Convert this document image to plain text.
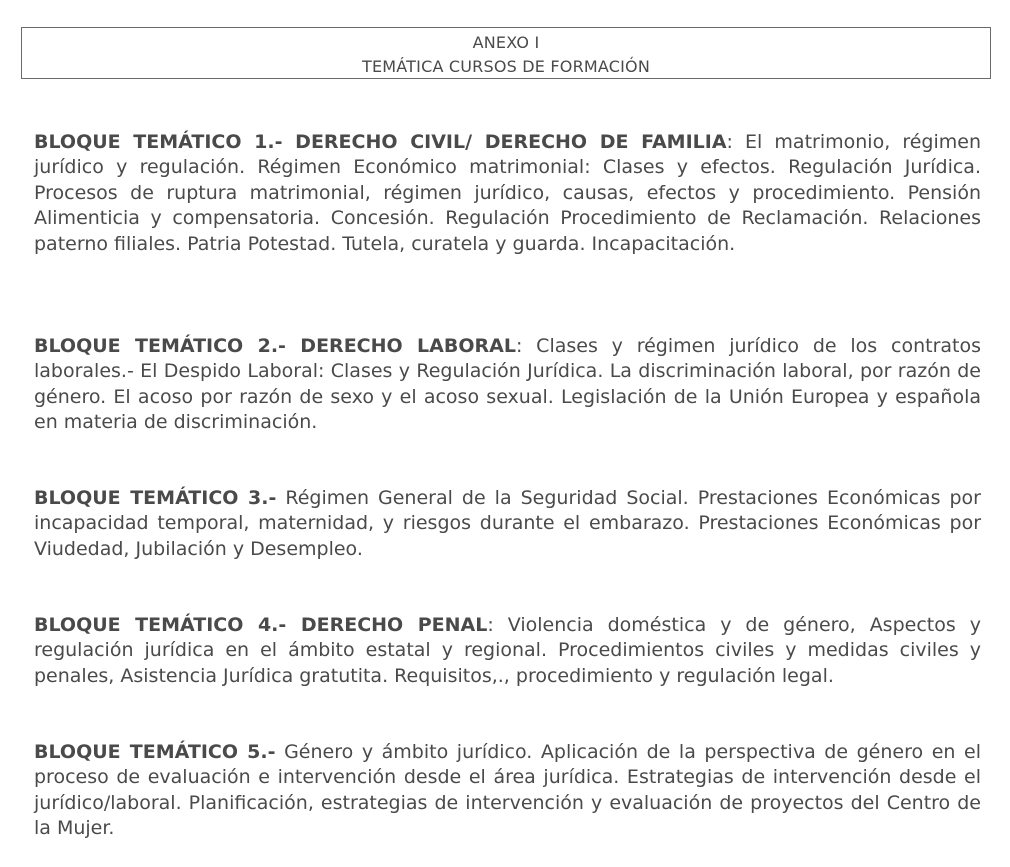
ANEXO I
TEMÁTICA CURSOS DE FORMACIÓN

BLOQUE TEMÁTICO 1.- DERECHO CIVIL/ DERECHO DE FAMILIA: El matrimonio, régimen jurídico y regulación. Régimen Económico matrimonial: Clases y efectos. Regulación Jurídica. Procesos de ruptura matrimonial, régimen jurídico, causas, efectos y procedimiento. Pensión Alimenticia y compensatoria. Concesión. Regulación Procedimiento de Reclamación. Relaciones paterno filiales. Patria Potestad. Tutela, curatela y guarda. Incapacitación.

BLOQUE TEMÁTICO 2.- DERECHO LABORAL: Clases y régimen jurídico de los contratos laborales.- El Despido Laboral: Clases y Regulación Jurídica. La discriminación laboral, por razón de género. El acoso por razón de sexo y el acoso sexual. Legislación de la Unión Europea y española en materia de discriminación.

BLOQUE TEMÁTICO 3.- Régimen General de la Seguridad Social. Prestaciones Económicas por incapacidad temporal, maternidad, y riesgos durante el embarazo. Prestaciones Económicas por Viudedad, Jubilación y Desempleo.

BLOQUE TEMÁTICO 4.- DERECHO PENAL: Violencia doméstica y de género, Aspectos y regulación jurídica en el ámbito estatal y regional. Procedimientos civiles y medidas civiles y penales, Asistencia Jurídica gratutita. Requisitos,., procedimiento y regulación legal.

BLOQUE TEMÁTICO 5.- Género y ámbito jurídico. Aplicación de la perspectiva de género en el proceso de evaluación e intervención desde el área jurídica. Estrategias de intervención desde el jurídico/laboral. Planificación, estrategias de intervención y evaluación de proyectos del Centro de la Mujer.
